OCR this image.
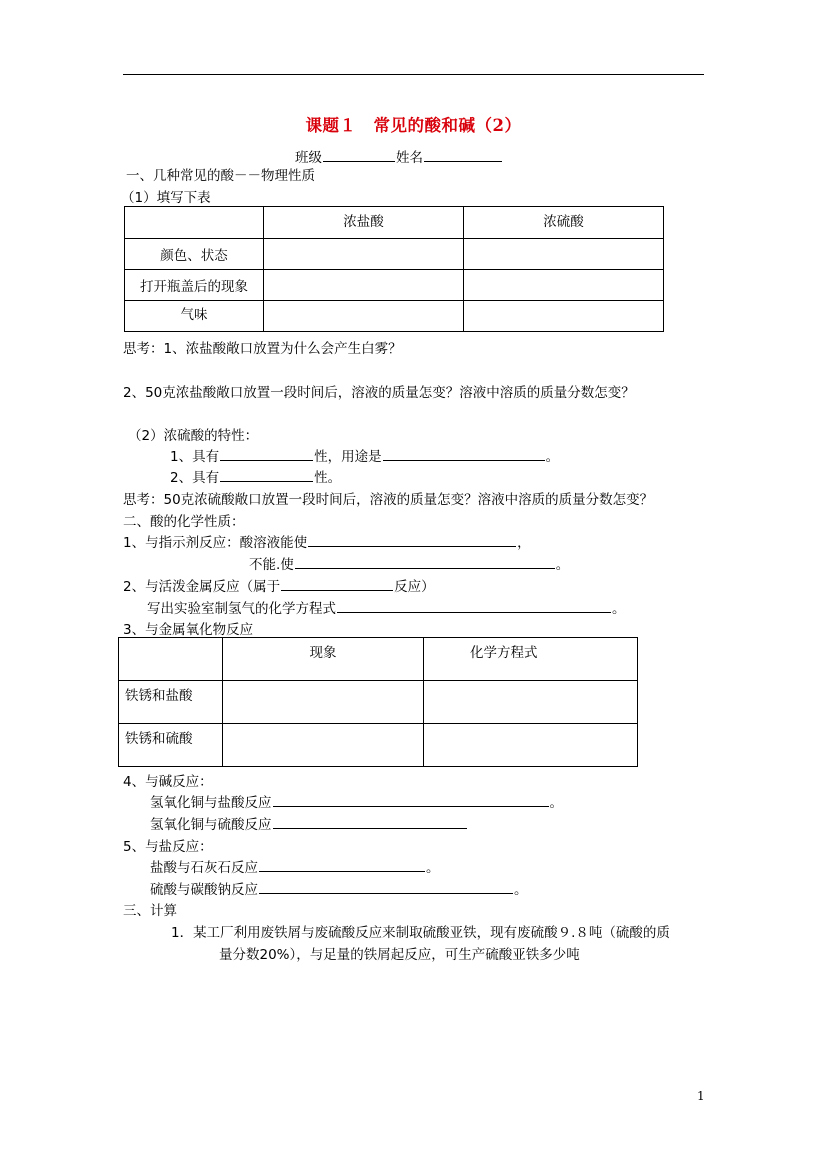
课题１　常见的酸和碱（2）
班级	姓名
一、几种常见的酸－－物理性质
（1）填写下表
	浓盐酸	浓硫酸
颜色、状态		
打开瓶盖后的现象		
气味		
思考：1、浓盐酸敞口放置为什么会产生白雾？
2、50克浓盐酸敞口放置一段时间后，溶液的质量怎变？溶液中溶质的质量分数怎变？
（2）浓硫酸的特性：
1、具有	性，用途是	。
2、具有	性。
思考：50克浓硫酸敞口放置一段时间后，溶液的质量怎变？溶液中溶质的质量分数怎变？
二、酸的化学性质：
1、与指示剂反应：酸溶液能使	，
不能.使	。
2、与活泼金属反应（属于	反应）
写出实验室制氢气的化学方程式	。
3、与金属氧化物反应
	现象	化学方程式
铁锈和盐酸		
铁锈和硫酸		
4、与碱反应：
氢氧化铜与盐酸反应	。
氢氧化铜与硫酸反应
5、与盐反应：
盐酸与石灰石反应	。
硫酸与碳酸钠反应	。
三、计算
1．某工厂利用废铁屑与废硫酸反应来制取硫酸亚铁，现有废硫酸９.８吨（硫酸的质
量分数20%），与足量的铁屑起反应，可生产硫酸亚铁多少吨
1
